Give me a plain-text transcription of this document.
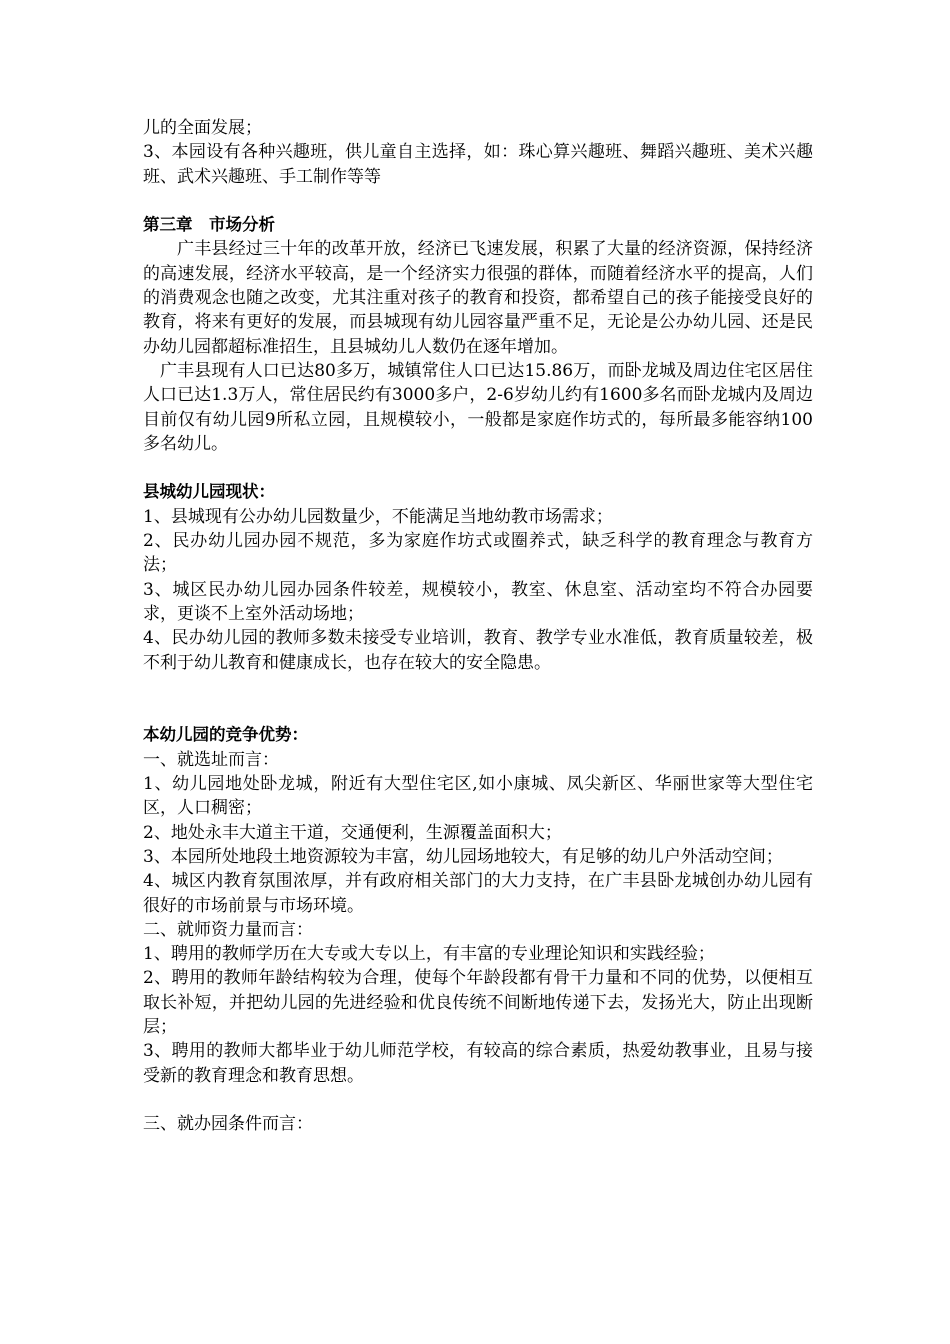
儿的全面发展；

3、本园设有各种兴趣班，供儿童自主选择，如：珠心算兴趣班、舞蹈兴趣班、美术兴趣班、武术兴趣班、手工制作等等

第三章　市场分析

广丰县经过三十年的改革开放，经济已飞速发展，积累了大量的经济资源，保持经济的高速发展，经济水平较高，是一个经济实力很强的群体，而随着经济水平的提高，人们的消费观念也随之改变，尤其注重对孩子的教育和投资，都希望自己的孩子能接受良好的教育，将来有更好的发展，而县城现有幼儿园容量严重不足，无论是公办幼儿园、还是民办幼儿园都超标准招生，且县城幼儿人数仍在逐年增加。

广丰县现有人口已达80多万，城镇常住人口已达15.86万，而卧龙城及周边住宅区居住人口已达1.3万人，常住居民约有3000多户，2-6岁幼儿约有1600多名而卧龙城内及周边目前仅有幼儿园9所私立园，且规模较小，一般都是家庭作坊式的，每所最多能容纳100多名幼儿。

县城幼儿园现状：

1、县城现有公办幼儿园数量少，不能满足当地幼教市场需求；

2、民办幼儿园办园不规范，多为家庭作坊式或圈养式，缺乏科学的教育理念与教育方法；

3、城区民办幼儿园办园条件较差，规模较小，教室、休息室、活动室均不符合办园要求，更谈不上室外活动场地；

4、民办幼儿园的教师多数未接受专业培训，教育、教学专业水准低，教育质量较差，极不利于幼儿教育和健康成长，也存在较大的安全隐患。

本幼儿园的竞争优势：

一、就选址而言：

1、幼儿园地处卧龙城，附近有大型住宅区,如小康城、凤尖新区、华丽世家等大型住宅区，人口稠密；

2、地处永丰大道主干道，交通便利，生源覆盖面积大；

3、本园所处地段土地资源较为丰富，幼儿园场地较大，有足够的幼儿户外活动空间；

4、城区内教育氛围浓厚，并有政府相关部门的大力支持，在广丰县卧龙城创办幼儿园有很好的市场前景与市场环境。

二、就师资力量而言：

1、聘用的教师学历在大专或大专以上，有丰富的专业理论知识和实践经验；

2、聘用的教师年龄结构较为合理，使每个年龄段都有骨干力量和不同的优势，以便相互取长补短，并把幼儿园的先进经验和优良传统不间断地传递下去，发扬光大，防止出现断层；

3、聘用的教师大都毕业于幼儿师范学校，有较高的综合素质，热爱幼教事业，且易与接受新的教育理念和教育思想。

三、就办园条件而言：
